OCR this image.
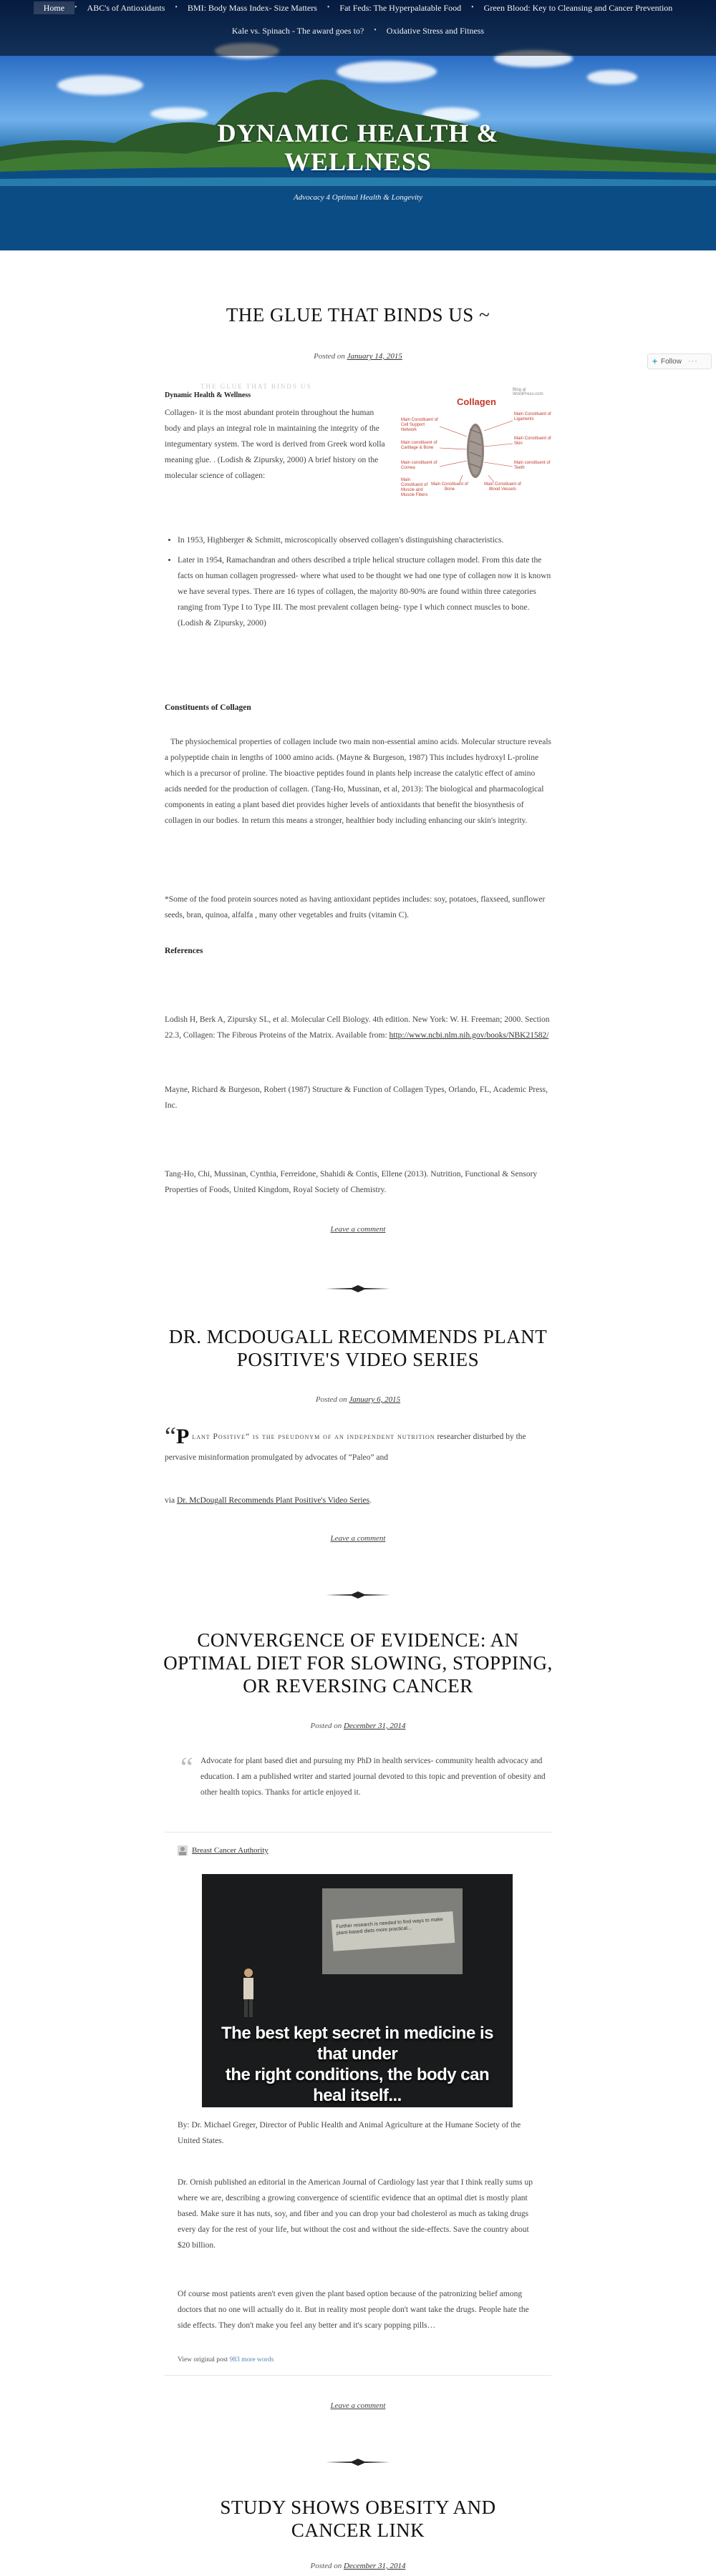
Home	•	ABC's of Antioxidants	•	BMI: Body Mass Index- Size Matters	•	Fat Feds: The Hyperpalatable Food	•	Green Blood: Key to Cleansing and Cancer Prevention
Kale vs. Spinach - The award goes to?	•	Oxidative Stress and Fitness
DYNAMIC HEALTH &
WELLNESS
Advocacy 4 Optimal Health & Longevity
+ Follow ···
THE GLUE THAT BINDS US ~
Posted on January 14, 2015
THE GLUE THAT BINDS US
Dynamic Health & Wellness

Collagen- it is the most abundant protein throughout the human body and plays an integral role in maintaining the integrity of the integumentary system. The word is derived from Greek word kolla meaning glue. . (Lodish & Zipursky, 2000) A brief history on the molecular science of collagen:

Collagen
Blog at WordPress.com
Main Constituent of Cell Support Network
Main Constituent of Ligaments
Main constituent of Cartilage & Bone
Main Constituent of Skin
Main constituent of Cornea
Main constituent of Teeth
Main Constituent of Bone
Main Constituent of Blood Vessels
Main Constituent of Muscle and Muscle Fibers
• In 1953, Highberger & Schmitt, microscopically observed collagen's distinguishing characteristics.
• Later in 1954, Ramachandran and others described a triple helical structure collagen model. From this date the facts on human collagen progressed- where what used to be thought we had one type of collagen now it is known we have several types. There are 16 types of collagen, the majority 80-90% are found within three categories ranging from Type I to Type III. The most prevalent collagen being- type I which connect muscles to bone. (Lodish & Zipursky, 2000)

Constituents of Collagen

The physiochemical properties of collagen include two main non-essential amino acids. Molecular structure reveals a polypeptide chain in lengths of 1000 amino acids. (Mayne & Burgeson, 1987) This includes hydroxyl L-proline which is a precursor of proline. The bioactive peptides found in plants help increase the catalytic effect of amino acids needed for the production of collagen. (Tang-Ho, Mussinan, et al, 2013): The biological and pharmacological components in eating a plant based diet provides higher levels of antioxidants that benefit the biosynthesis of collagen in our bodies. In return this means a stronger, healthier body including enhancing our skin's integrity.

*Some of the food protein sources noted as having antioxidant peptides includes: soy, potatoes, flaxseed, sunflower seeds, bran, quinoa, alfalfa , many other vegetables and fruits (vitamin C).

References

Lodish H, Berk A, Zipursky SL, et al. Molecular Cell Biology. 4th edition. New York: W. H. Freeman; 2000. Section 22.3, Collagen: The Fibrous Proteins of the Matrix. Available from: http://www.ncbi.nlm.nih.gov/books/NBK21582/

Mayne, Richard & Burgeson, Robert (1987) Structure & Function of Collagen Types, Orlando, FL, Academic Press, Inc.

Tang-Ho, Chi, Mussinan, Cynthia, Ferreidone, Shahidi & Contis, Ellene (2013). Nutrition, Functional & Sensory Properties of Foods, United Kingdom, Royal Society of Chemistry.

Leave a comment
DR. MCDOUGALL RECOMMENDS PLANT
POSITIVE'S VIDEO SERIES
Posted on January 6, 2015

“P lant Positive” is the pseudonym of an independent nutrition researcher disturbed by the pervasive misinformation promulgated by advocates of “Paleo” and

via Dr. McDougall Recommends Plant Positive's Video Series.

Leave a comment
CONVERGENCE OF EVIDENCE: AN
OPTIMAL DIET FOR SLOWING, STOPPING,
OR REVERSING CANCER
Posted on December 31, 2014
“ Advocate for plant based diet and pursuing my PhD in health services- community health advocacy and education. I am a published writer and started journal devoted to this topic and prevention of obesity and other health topics. Thanks for article enjoyed it.

Breast Cancer Authority
Further research is needed to find ways to make plant-based diets more practical...
The best kept secret in medicine is that under
the right conditions, the body can heal itself...
By: Dr. Michael Greger, Director of Public Health and Animal Agriculture at the Humane Society of the United States.
Dr. Ornish published an editorial in the American Journal of Cardiology last year that I think really sums up where we are, describing a growing convergence of scientific evidence that an optimal diet is mostly plant based. Make sure it has nuts, soy, and fiber and you can drop your bad cholesterol as much as taking drugs every day for the rest of your life, but without the cost and without the side-effects. Save the country about $20 billion.
Of course most patients aren't even given the plant based option because of the patronizing belief among doctors that no one will actually do it. But in reality most people don't want take the drugs. People hate the side effects. They don't make you feel any better and it's scary popping pills…
View original post 983 more words
Leave a comment
STUDY SHOWS OBESITY AND
CANCER LINK
Posted on December 31, 2014
